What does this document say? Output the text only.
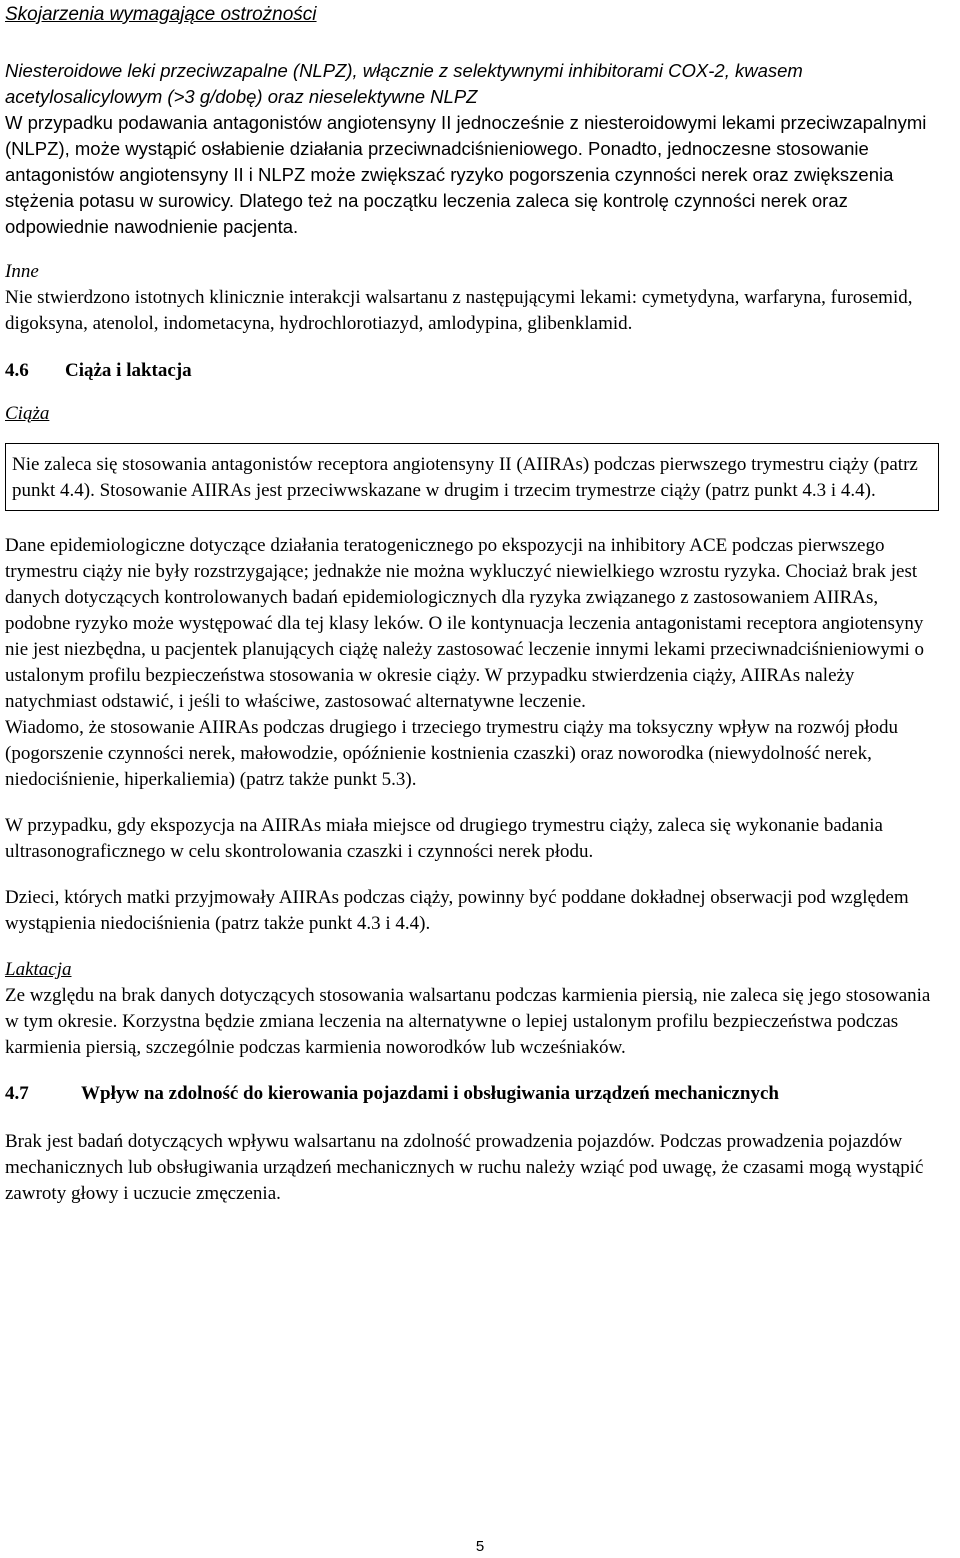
Skojarzenia wymagające ostrożności

Niesteroidowe leki przeciwzapalne (NLPZ), włącznie z selektywnymi inhibitorami COX-2, kwasem acetylosalicylowym (>3 g/dobę) oraz nieselektywne NLPZ

W przypadku podawania antagonistów angiotensyny II jednocześnie z niesteroidowymi lekami przeciwzapalnymi (NLPZ), może wystąpić osłabienie działania przeciwnadciśnieniowego. Ponadto, jednoczesne stosowanie antagonistów angiotensyny II i NLPZ może zwiększać ryzyko pogorszenia czynności nerek oraz zwiększenia stężenia potasu w surowicy. Dlatego też na początku leczenia zaleca się kontrolę czynności nerek oraz odpowiednie nawodnienie pacjenta.

Inne

Nie stwierdzono istotnych klinicznie interakcji walsartanu z następującymi lekami: cymetydyna, warfaryna, furosemid, digoksyna, atenolol, indometacyna, hydrochlorotiazyd, amlodypina, glibenklamid.

4.6	Ciąża i laktacja

Ciąża

Nie zaleca się stosowania antagonistów receptora angiotensyny II (AIIRAs) podczas pierwszego trymestru ciąży (patrz punkt 4.4). Stosowanie AIIRAs jest przeciwwskazane w drugim i trzecim trymestrze ciąży (patrz punkt 4.3 i 4.4).

Dane epidemiologiczne dotyczące działania teratogenicznego po ekspozycji na inhibitory ACE podczas pierwszego trymestru ciąży nie były rozstrzygające; jednakże nie można wykluczyć niewielkiego wzrostu ryzyka. Chociaż brak jest danych dotyczących kontrolowanych badań epidemiologicznych dla ryzyka związanego z zastosowaniem AIIRAs, podobne ryzyko może występować dla tej klasy leków. O ile kontynuacja leczenia antagonistami receptora angiotensyny nie jest niezbędna, u pacjentek planujących ciążę należy zastosować leczenie innymi lekami przeciwnadciśnieniowymi o ustalonym profilu bezpieczeństwa stosowania w okresie ciąży. W przypadku stwierdzenia ciąży, AIIRAs należy natychmiast odstawić, i jeśli to właściwe, zastosować alternatywne leczenie.

Wiadomo, że stosowanie AIIRAs podczas drugiego i trzeciego trymestru ciąży ma toksyczny wpływ na rozwój płodu (pogorszenie czynności nerek, małowodzie, opóźnienie kostnienia czaszki) oraz noworodka (niewydolność nerek, niedociśnienie, hiperkaliemia) (patrz także punkt 5.3).

W przypadku, gdy ekspozycja na AIIRAs miała miejsce od drugiego trymestru ciąży, zaleca się wykonanie badania ultrasonograficznego w celu skontrolowania czaszki i czynności nerek płodu.

Dzieci, których matki przyjmowały AIIRAs podczas ciąży, powinny być poddane dokładnej obserwacji pod względem wystąpienia niedociśnienia (patrz także punkt 4.3 i 4.4).

Laktacja

Ze względu na brak danych dotyczących stosowania walsartanu podczas karmienia piersią, nie zaleca się jego stosowania w tym okresie. Korzystna będzie zmiana leczenia na alternatywne o lepiej ustalonym profilu bezpieczeństwa podczas karmienia piersią, szczególnie podczas karmienia noworodków lub wcześniaków.

4.7	Wpływ na zdolność do kierowania pojazdami i obsługiwania urządzeń mechanicznych

Brak jest badań dotyczących wpływu walsartanu na zdolność prowadzenia pojazdów. Podczas prowadzenia pojazdów mechanicznych lub obsługiwania urządzeń mechanicznych w ruchu należy wziąć pod uwagę, że czasami mogą wystąpić zawroty głowy i uczucie zmęczenia.

5
